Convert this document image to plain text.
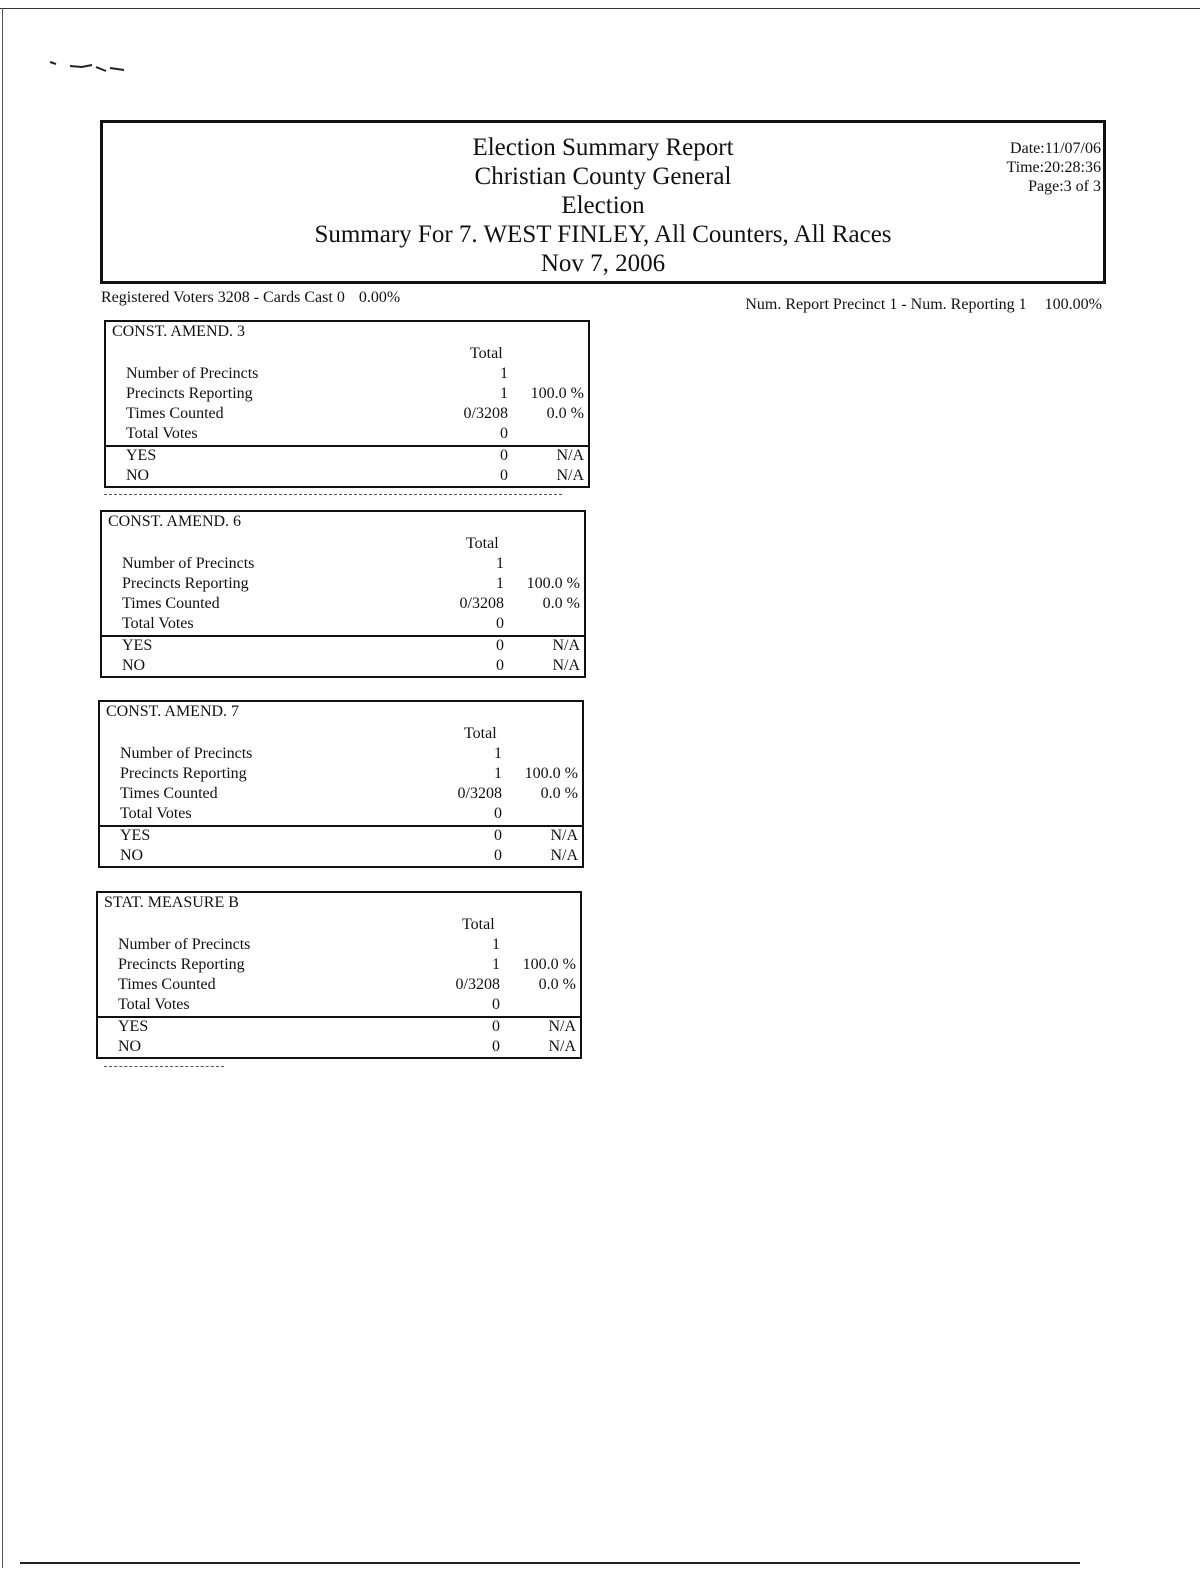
Election Summary Report
Christian County General
Election
Summary For 7. WEST FINLEY, All Counters, All Races
Nov 7, 2006
Date:11/07/06
Time:20:28:36
Page:3 of 3
Registered Voters 3208 - Cards Cast 0 0.00%	Num. Report Precinct 1 - Num. Reporting 1 100.00%
CONST. AMEND. 3
Total
Number of Precincts	1
Precincts Reporting	1 100.0 %
Times Counted	0/3208 0.0 %
Total Votes	0
YES	0	N/A
NO	0	N/A
CONST. AMEND. 6
Total
Number of Precincts	1
Precincts Reporting	1 100.0 %
Times Counted	0/3208 0.0 %
Total Votes	0
YES	0	N/A
NO	0	N/A
CONST. AMEND. 7
Total
Number of Precincts	1
Precincts Reporting	1 100.0 %
Times Counted	0/3208 0.0 %
Total Votes	0
YES	0	N/A
NO	0	N/A
STAT. MEASURE B
Total
Number of Precincts	1
Precincts Reporting	1 100.0 %
Times Counted	0/3208 0.0 %
Total Votes	0
YES	0	N/A
NO	0	N/A
